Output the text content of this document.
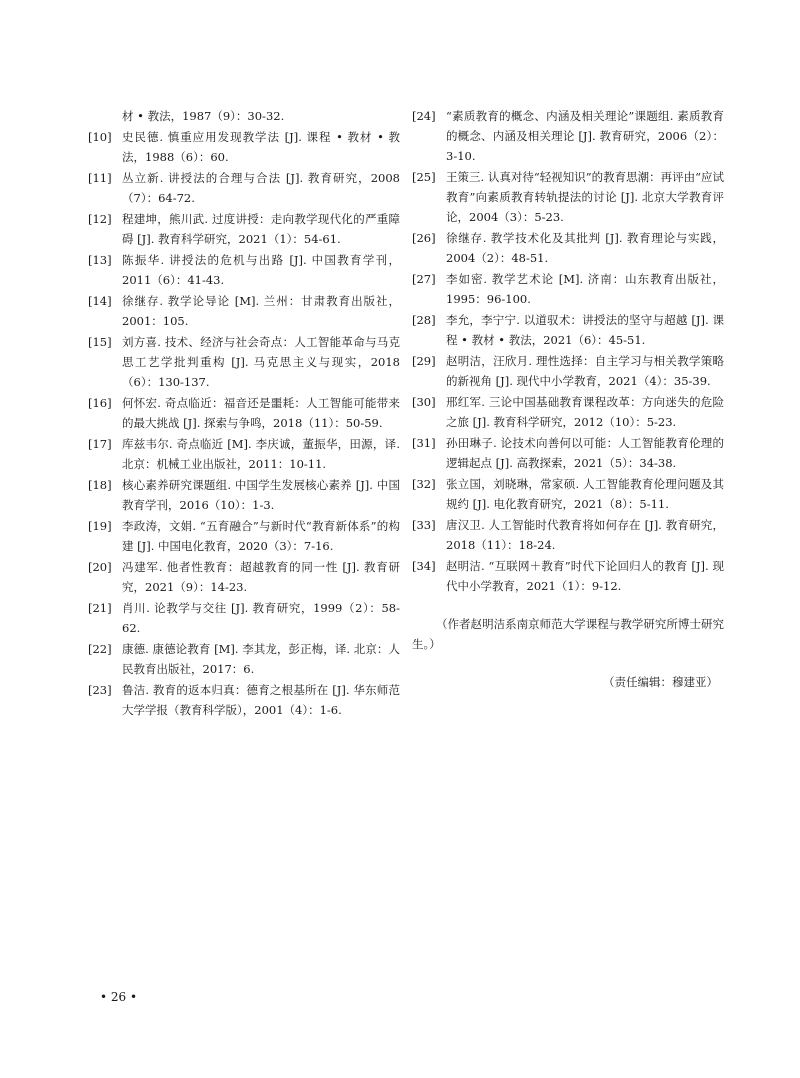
材 • 教法，1987（9）：30-32.
[10] 史民德. 慎重应用发现教学法 [J]. 课程 • 教材 • 教法，1988（6）：60.
[11] 丛立新. 讲授法的合理与合法 [J]. 教育研究，2008（7）：64-72.
[12] 程建坤，熊川武. 过度讲授：走向教学现代化的严重障碍 [J]. 教育科学研究，2021（1）：54-61.
[13] 陈振华. 讲授法的危机与出路 [J]. 中国教育学刊，2011（6）：41-43.
[14] 徐继存. 教学论导论 [M]. 兰州：甘肃教育出版社，2001：105.
[15] 刘方喜. 技术、经济与社会奇点：人工智能革命与马克思工艺学批判重构 [J]. 马克思主义与现实，2018（6）：130-137.
[16] 何怀宏. 奇点临近：福音还是噩耗：人工智能可能带来的最大挑战 [J]. 探索与争鸣，2018（11）：50-59.
[17] 库兹韦尔. 奇点临近 [M]. 李庆诚，董振华，田源，译. 北京：机械工业出版社，2011：10-11.
[18] 核心素养研究课题组. 中国学生发展核心素养 [J]. 中国教育学刊，2016（10）：1-3.
[19] 李政涛，文娟. “五育融合”与新时代“教育新体系”的构建 [J]. 中国电化教育，2020（3）：7-16.
[20] 冯建军. 他者性教育：超越教育的同一性 [J]. 教育研究，2021（9）：14-23.
[21] 肖川. 论教学与交往 [J]. 教育研究，1999（2）：58-62.
[22] 康德. 康德论教育 [M]. 李其龙，彭正梅，译. 北京：人民教育出版社，2017：6.
[23] 鲁洁. 教育的返本归真：德育之根基所在 [J]. 华东师范大学学报（教育科学版），2001（4）：1-6.
[24] “素质教育的概念、内涵及相关理论”课题组. 素质教育的概念、内涵及相关理论 [J]. 教育研究，2006（2）：3-10.
[25] 王策三. 认真对待“轻视知识”的教育思潮：再评由“应试教育”向素质教育转轨提法的讨论 [J]. 北京大学教育评论，2004（3）：5-23.
[26] 徐继存. 教学技术化及其批判 [J]. 教育理论与实践，2004（2）：48-51.
[27] 李如密. 教学艺术论 [M]. 济南：山东教育出版社，1995：96-100.
[28] 李允，李宁宁. 以道驭术：讲授法的坚守与超越 [J]. 课程 • 教材 • 教法，2021（6）：45-51.
[29] 赵明洁，汪欣月. 理性选择：自主学习与相关教学策略的新视角 [J]. 现代中小学教育，2021（4）：35-39.
[30] 邢红军. 三论中国基础教育课程改革：方向迷失的危险之旅 [J]. 教育科学研究，2012（10）：5-23.
[31] 孙田琳子. 论技术向善何以可能：人工智能教育伦理的逻辑起点 [J]. 高教探索，2021（5）：34-38.
[32] 张立国，刘晓琳，常家硕. 人工智能教育伦理问题及其规约 [J]. 电化教育研究，2021（8）：5-11.
[33] 唐汉卫. 人工智能时代教育将如何存在 [J]. 教育研究，2018（11）：18-24.
[34] 赵明洁. “互联网＋教育”时代下论回归人的教育 [J]. 现代中小学教育，2021（1）：9-12.
（作者赵明洁系南京师范大学课程与教学研究所博士研究生。）
（责任编辑：穆建亚）
• 26 •
